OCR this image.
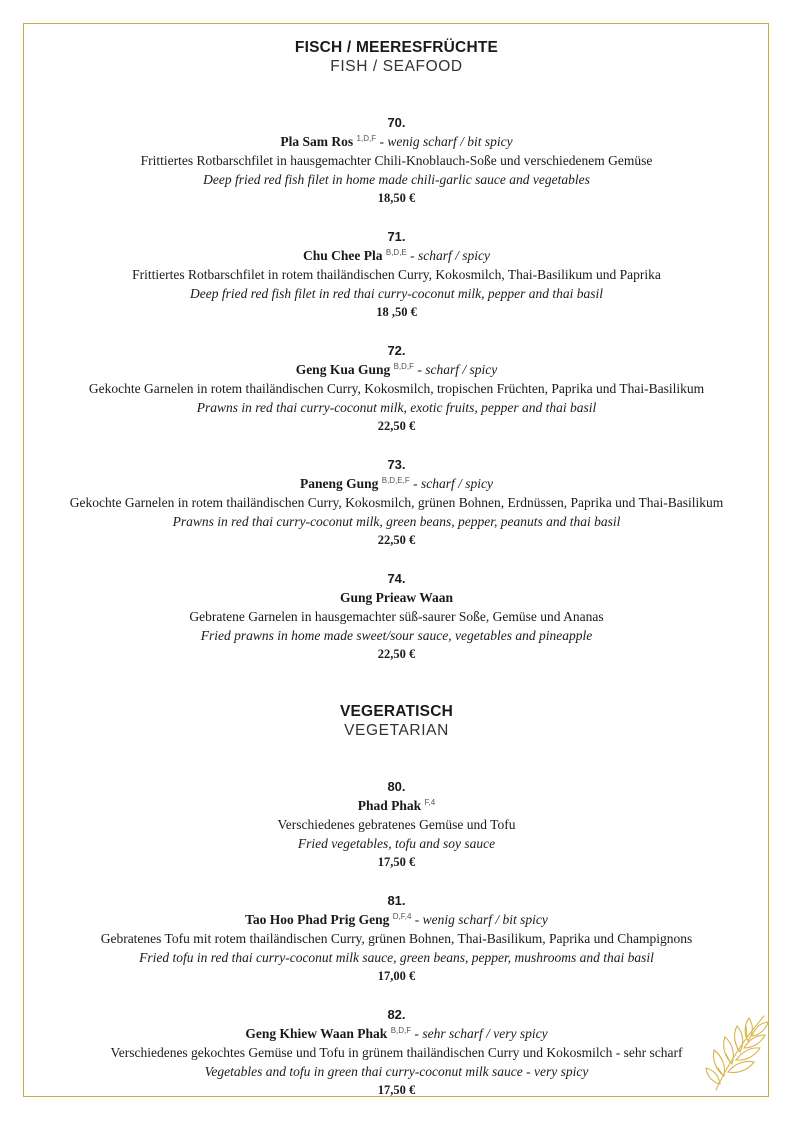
FISCH / MEERESFRÜCHTE
FISH / SEAFOOD
70.
Pla Sam Ros $^{1,D,F}$ - wenig scharf / bit spicy
Frittiertes Rotbarschfilet in hausgemachter Chili-Knoblauch-Soße und verschiedenem Gemüse
Deep fried red fish filet in home made chili-garlic sauce and vegetables
18,50 €
71.
Chu Chee Pla $^{B,D,E}$ - scharf / spicy
Frittiertes Rotbarschfilet in rotem thailändischen Curry, Kokosmilch, Thai-Basilikum und Paprika
Deep fried red fish filet in red thai curry-coconut milk, pepper and thai basil
18 ,50 €
72.
Geng Kua Gung $^{B,D,F}$ - scharf / spicy
Gekochte Garnelen in rotem thailändischen Curry, Kokosmilch, tropischen Früchten, Paprika und Thai-Basilikum
Prawns in red thai curry-coconut milk, exotic fruits, pepper and thai basil
22,50 €
73.
Paneng Gung $^{B,D,E,F}$ - scharf / spicy
Gekochte Garnelen in rotem thailändischen Curry, Kokosmilch, grünen Bohnen, Erdnüssen, Paprika und Thai-Basilikum
Prawns in red thai curry-coconut milk, green beans, pepper, peanuts and thai basil
22,50 €
74.
Gung Prieaw Waan
Gebratene Garnelen in hausgemachter süß-saurer Soße, Gemüse und Ananas
Fried prawns in home made sweet/sour sauce, vegetables and pineapple
22,50 €
VEGERATISCH
VEGETARIAN
80.
Phad Phak $^{F,4}$
Verschiedenes gebratenes Gemüse und Tofu
Fried vegetables, tofu and soy sauce
17,50 €
81.
Tao Hoo Phad Prig Geng $^{D,F,4}$ - wenig scharf / bit spicy
Gebratenes Tofu mit rotem thailändischen Curry, grünen Bohnen, Thai-Basilikum, Paprika und Champignons
Fried tofu in red thai curry-coconut milk sauce, green beans, pepper, mushrooms and thai basil
17,00 €
82.
Geng Khiew Waan Phak $^{B,D,F}$ - sehr scharf / very spicy
Verschiedenes gekochtes Gemüse und Tofu in grünem thailändischen Curry und Kokosmilch - sehr scharf
Vegetables and tofu in green thai curry-coconut milk sauce - very spicy
17,50 €
